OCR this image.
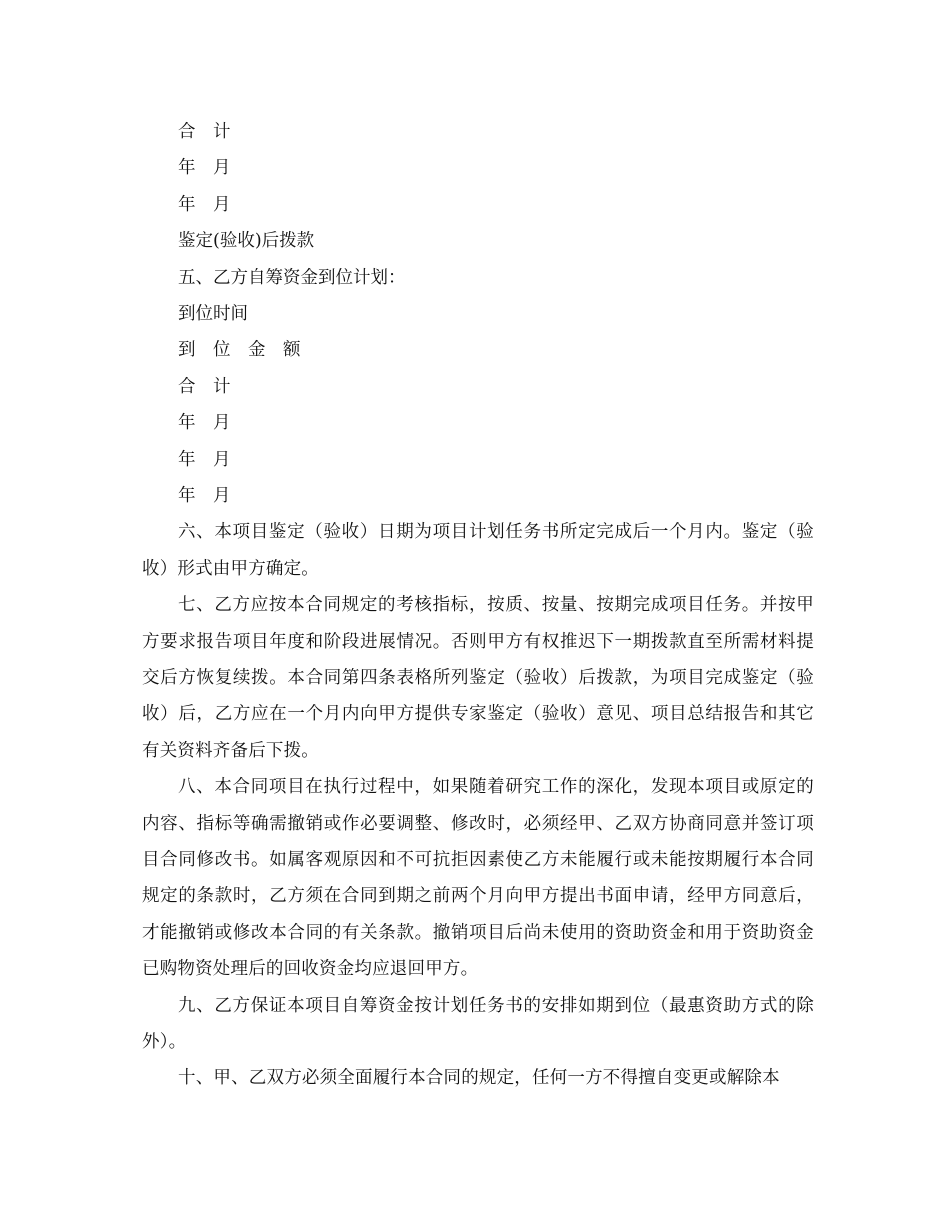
合　计
年　月
年　月
鉴定(验收)后拨款
五、乙方自筹资金到位计划：
到位时间
到　位　金　额
合　计
年　月
年　月
年　月

六、本项目鉴定（验收）日期为项目计划任务书所定完成后一个月内。鉴定（验收）形式由甲方确定。

七、乙方应按本合同规定的考核指标，按质、按量、按期完成项目任务。并按甲方要求报告项目年度和阶段进展情况。否则甲方有权推迟下一期拨款直至所需材料提交后方恢复续拨。本合同第四条表格所列鉴定（验收）后拨款，为项目完成鉴定（验收）后，乙方应在一个月内向甲方提供专家鉴定（验收）意见、项目总结报告和其它有关资料齐备后下拨。

八、本合同项目在执行过程中，如果随着研究工作的深化，发现本项目或原定的内容、指标等确需撤销或作必要调整、修改时，必须经甲、乙双方协商同意并签订项目合同修改书。如属客观原因和不可抗拒因素使乙方未能履行或未能按期履行本合同规定的条款时，乙方须在合同到期之前两个月向甲方提出书面申请，经甲方同意后，才能撤销或修改本合同的有关条款。撤销项目后尚未使用的资助资金和用于资助资金已购物资处理后的回收资金均应退回甲方。

九、乙方保证本项目自筹资金按计划任务书的安排如期到位（最惠资助方式的除外）。

十、甲、乙双方必须全面履行本合同的规定，任何一方不得擅自变更或解除本
